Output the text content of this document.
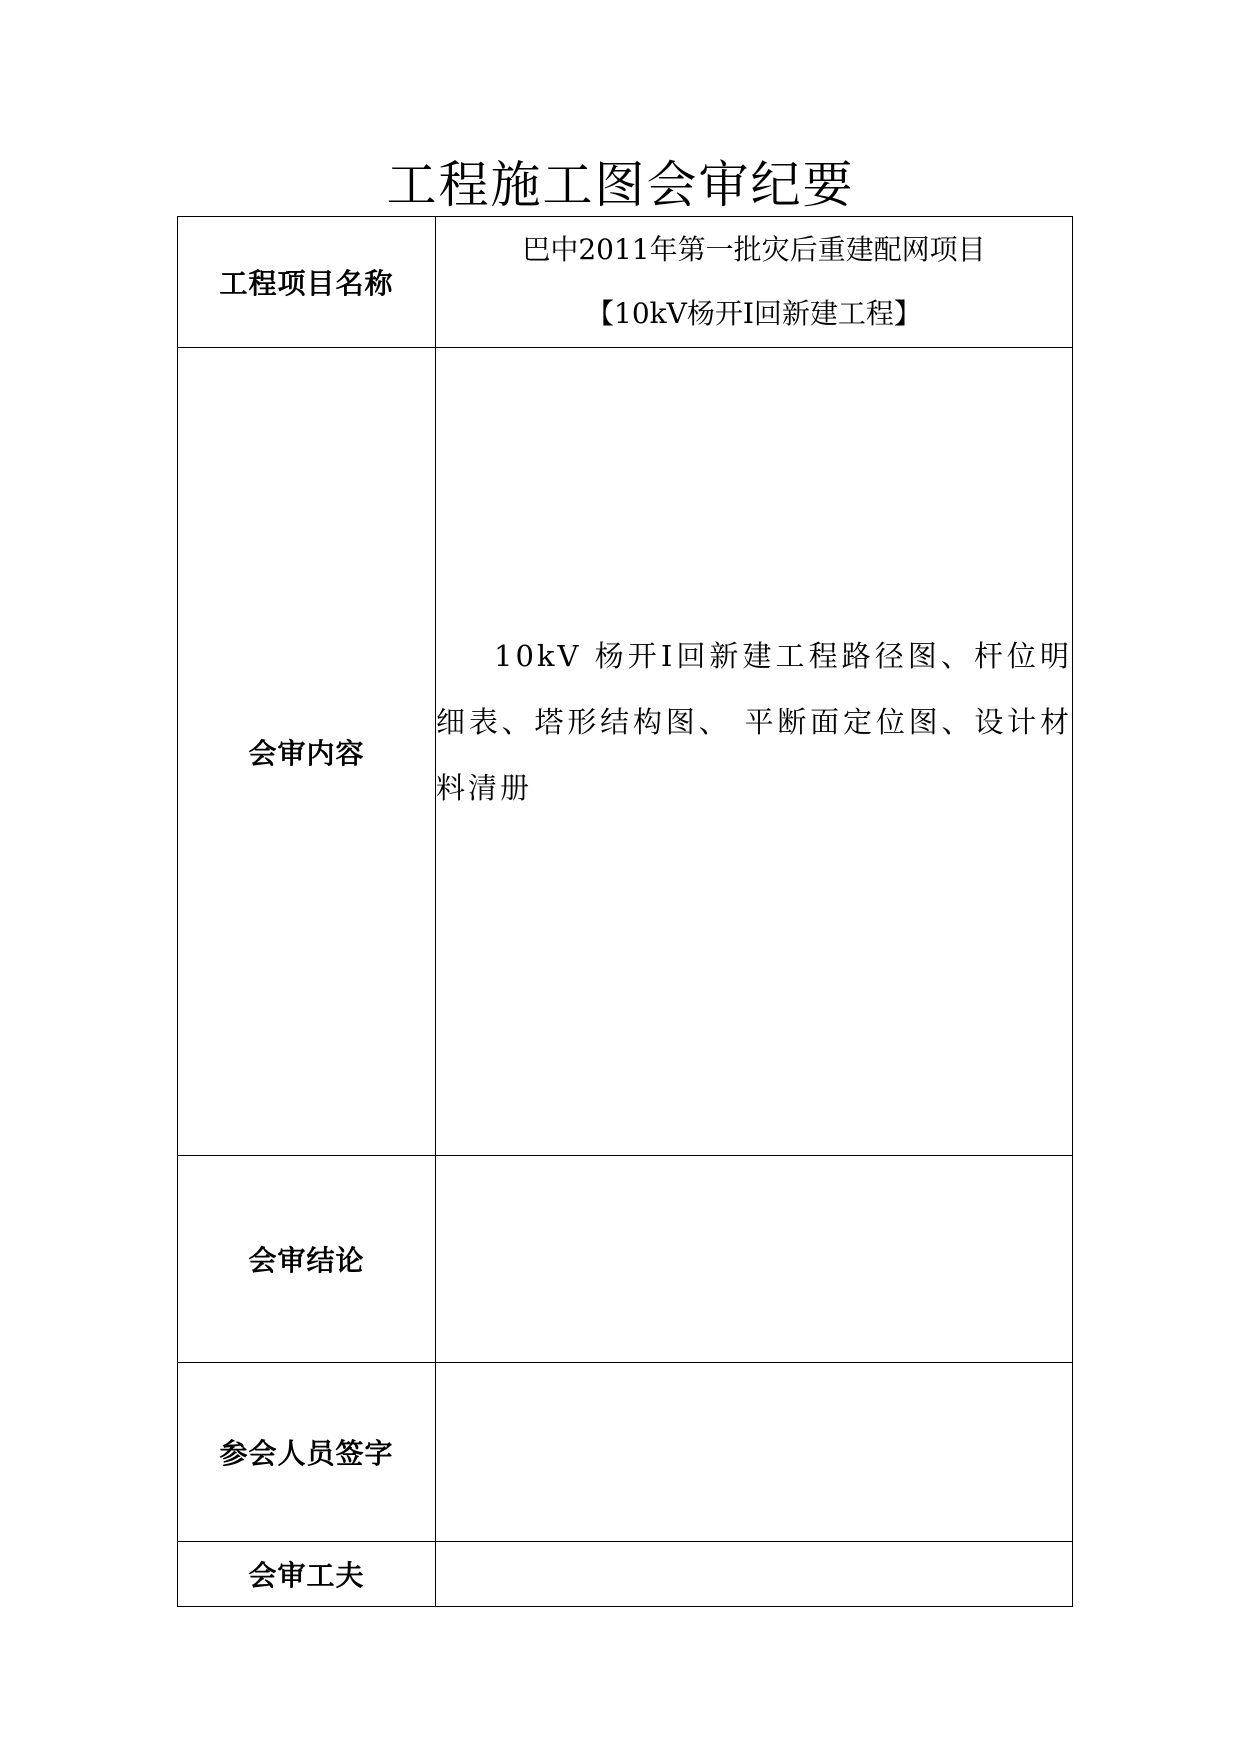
工程施工图会审纪要
工程项目名称	巴中2011年第一批灾后重建配网项目
【10kV杨开Ⅰ回新建工程】

会审内容	10kV 杨开Ⅰ回新建工程路径图、杆位明细表、塔形结构图、 平断面定位图、设计材料清册

会审结论	
参会人员签字	
会审工夫	
